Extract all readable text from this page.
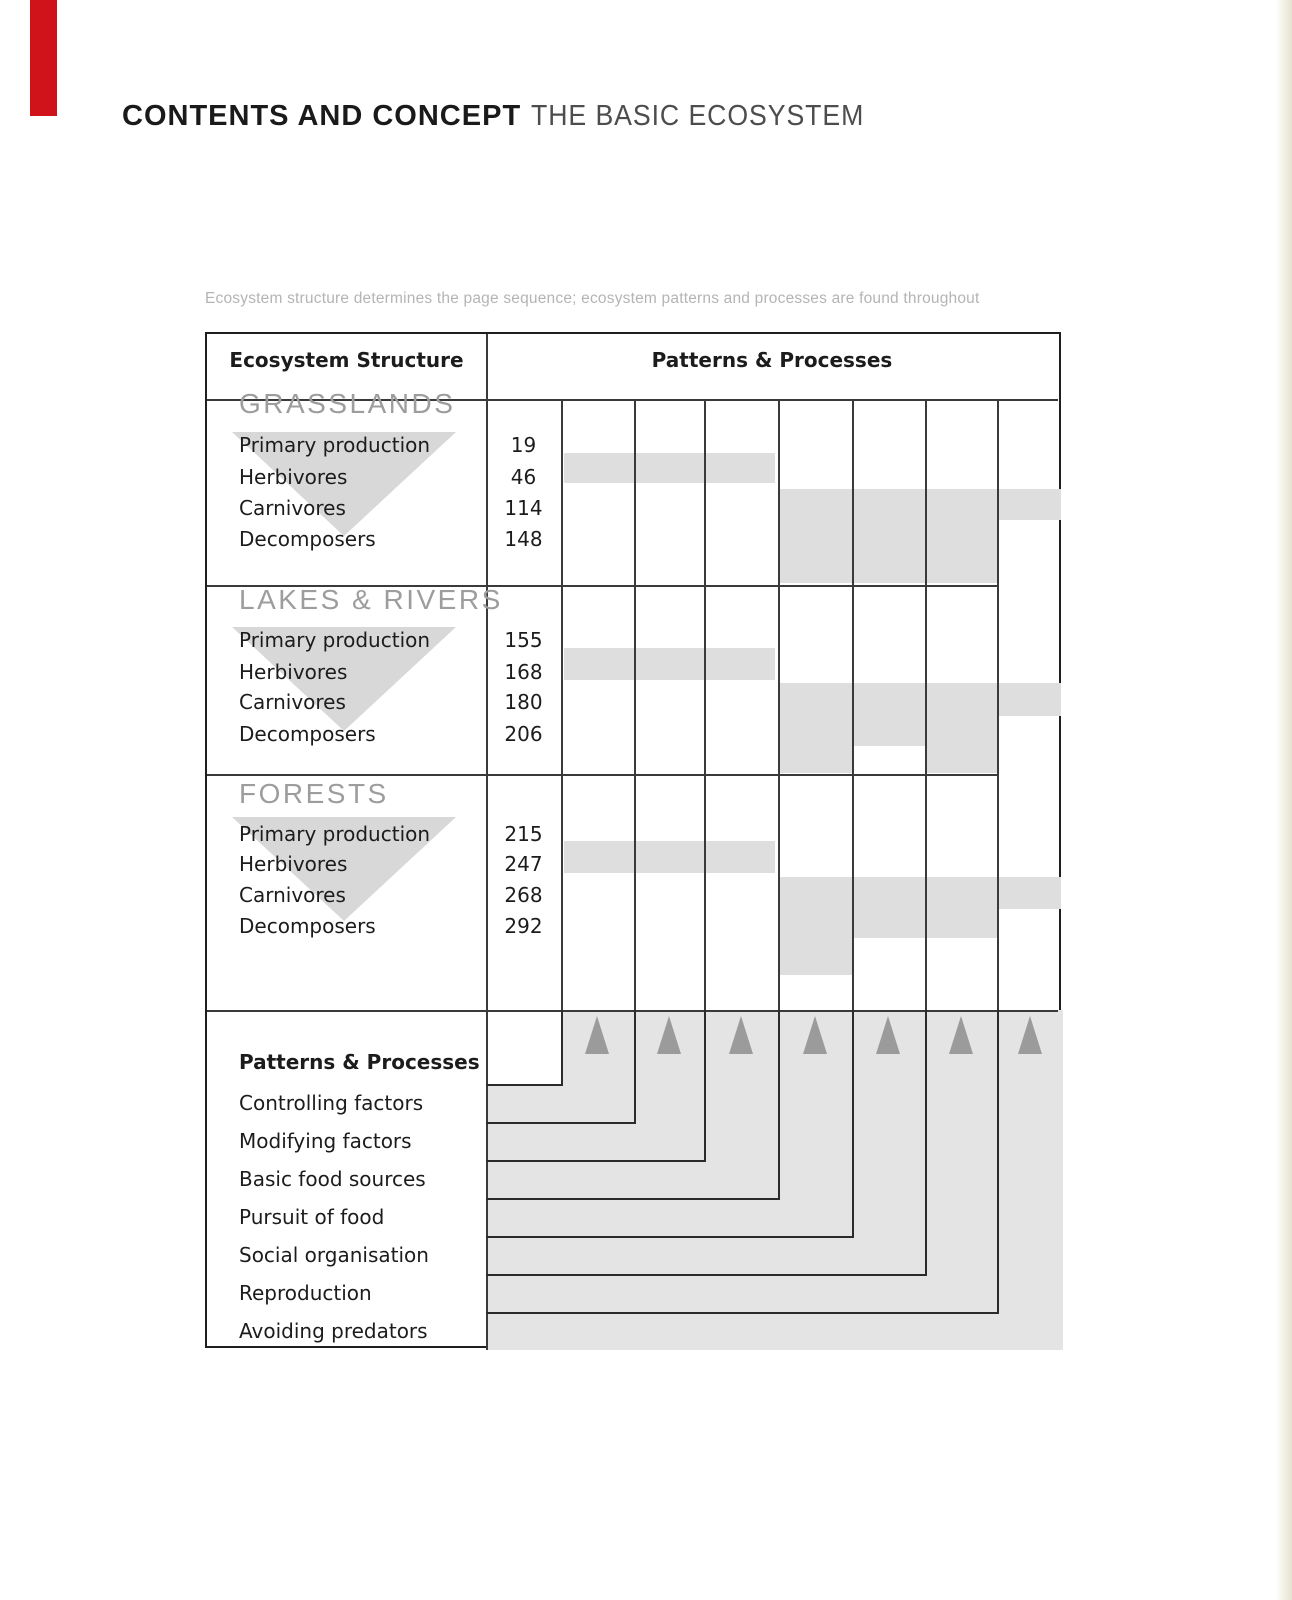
CONTENTS AND CONCEPT THE BASIC ECOSYSTEM
Ecosystem structure determines the page sequence; ecosystem patterns and processes are found throughout
Ecosystem Structure	Patterns & Processes
GRASSLANDS
Primary production	19
Herbivores	46
Carnivores	114
Decomposers	148
LAKES & RIVERS
Primary production	155
Herbivores	168
Carnivores	180
Decomposers	206
FORESTS
Primary production	215
Herbivores	247
Carnivores	268
Decomposers	292
Patterns & Processes
Controlling factors
Modifying factors
Basic food sources
Pursuit of food
Social organisation
Reproduction
Avoiding predators
